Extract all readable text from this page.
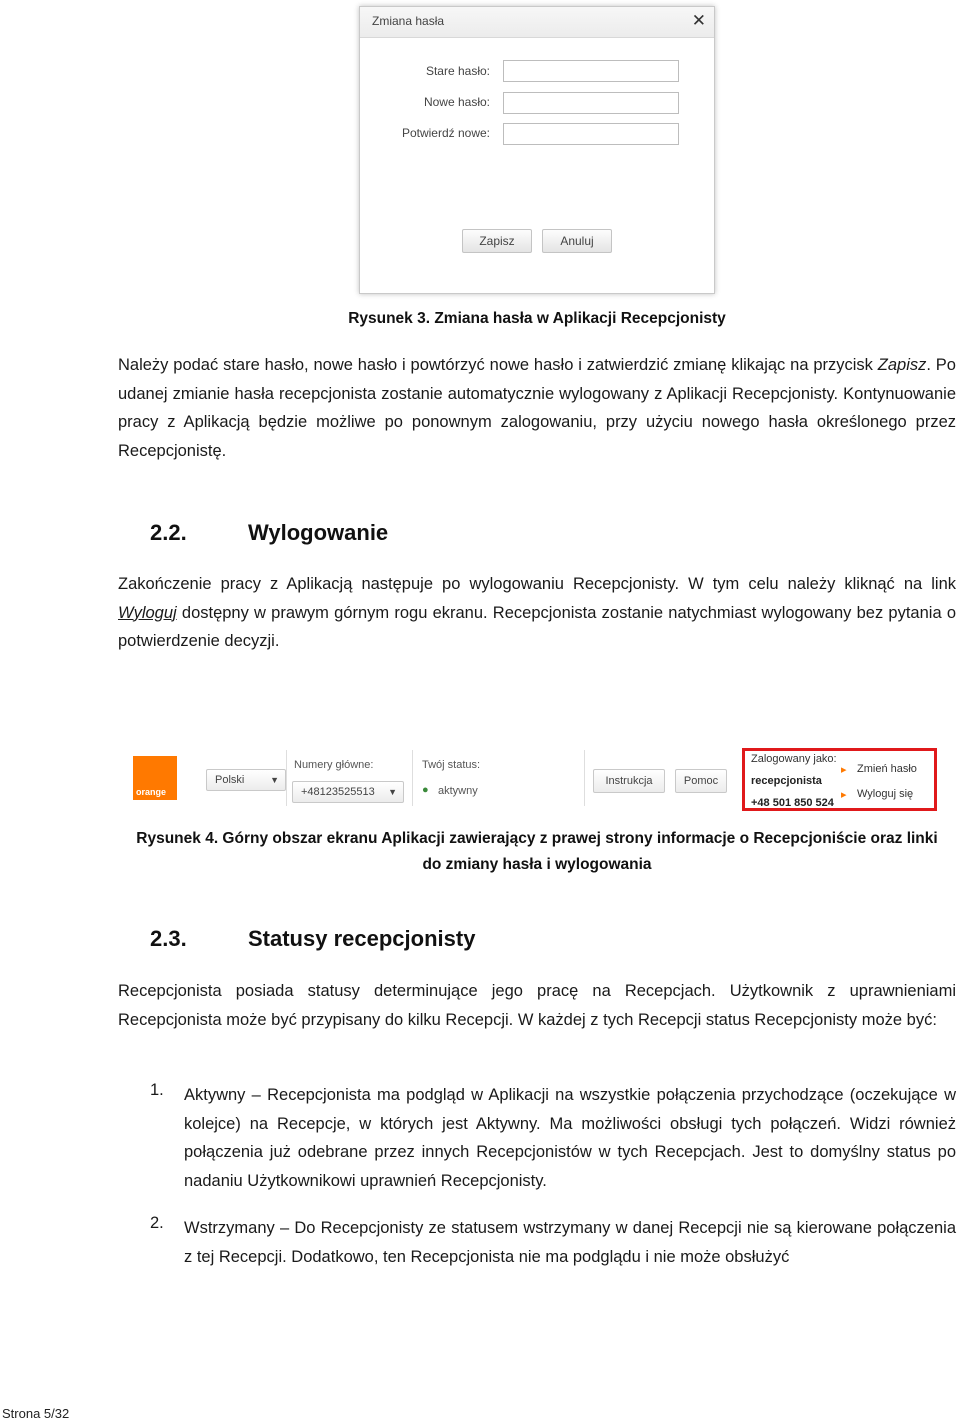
Zmiana hasła	✕
Stare hasło:
Nowe hasło:
Potwierdź nowe:
Zapisz	Anuluj
Rysunek 3. Zmiana hasła w Aplikacji Recepcjonisty
Należy podać stare hasło, nowe hasło i powtórzyć nowe hasło i zatwierdzić zmianę klikając na przycisk Zapisz. Po udanej zmianie hasła recepcjonista zostanie automatycznie wylogowany z Aplikacji Recepcjonisty. Kontynuowanie pracy z Aplikacją będzie możliwe po ponownym zalogowaniu, przy użyciu nowego hasła określonego przez Recepcjonistę.
2.2.	Wylogowanie
Zakończenie pracy z Aplikacją następuje po wylogowaniu Recepcjonisty. W tym celu należy kliknąć na link Wyloguj dostępny w prawym górnym rogu ekranu. Recepcjonista zostanie natychmiast wylogowany bez pytania o potwierdzenie decyzji.
orange
Polski	▼
Numery główne:
+48123525513 ▼
Twój status:
● aktywny
Instrukcja	Pomoc
Zalogowany jako:
recepcjonista
+48 501 850 524
▸ Zmień hasło
▸ Wyloguj się
Rysunek 4. Górny obszar ekranu Aplikacji zawierający z prawej strony informacje o Recepcjoniście oraz linki
do zmiany hasła i wylogowania
2.3.	Statusy recepcjonisty
Recepcjonista posiada statusy determinujące jego pracę na Recepcjach. Użytkownik z uprawnieniami Recepcjonista może być przypisany do kilku Recepcji. W każdej z tych Recepcji status Recepcjonisty może być:
1. Aktywny – Recepcjonista ma podgląd w Aplikacji na wszystkie połączenia przychodzące (oczekujące w kolejce) na Recepcje, w których jest Aktywny. Ma możliwości obsługi tych połączeń. Widzi również połączenia już odebrane przez innych Recepcjonistów w tych Recepcjach. Jest to domyślny status po nadaniu Użytkownikowi uprawnień Recepcjonisty.
2. Wstrzymany – Do Recepcjonisty ze statusem wstrzymany w danej Recepcji nie są kierowane połączenia z tej Recepcji. Dodatkowo, ten Recepcjonista nie ma podglądu i nie może obsłużyć
Strona 5/32
